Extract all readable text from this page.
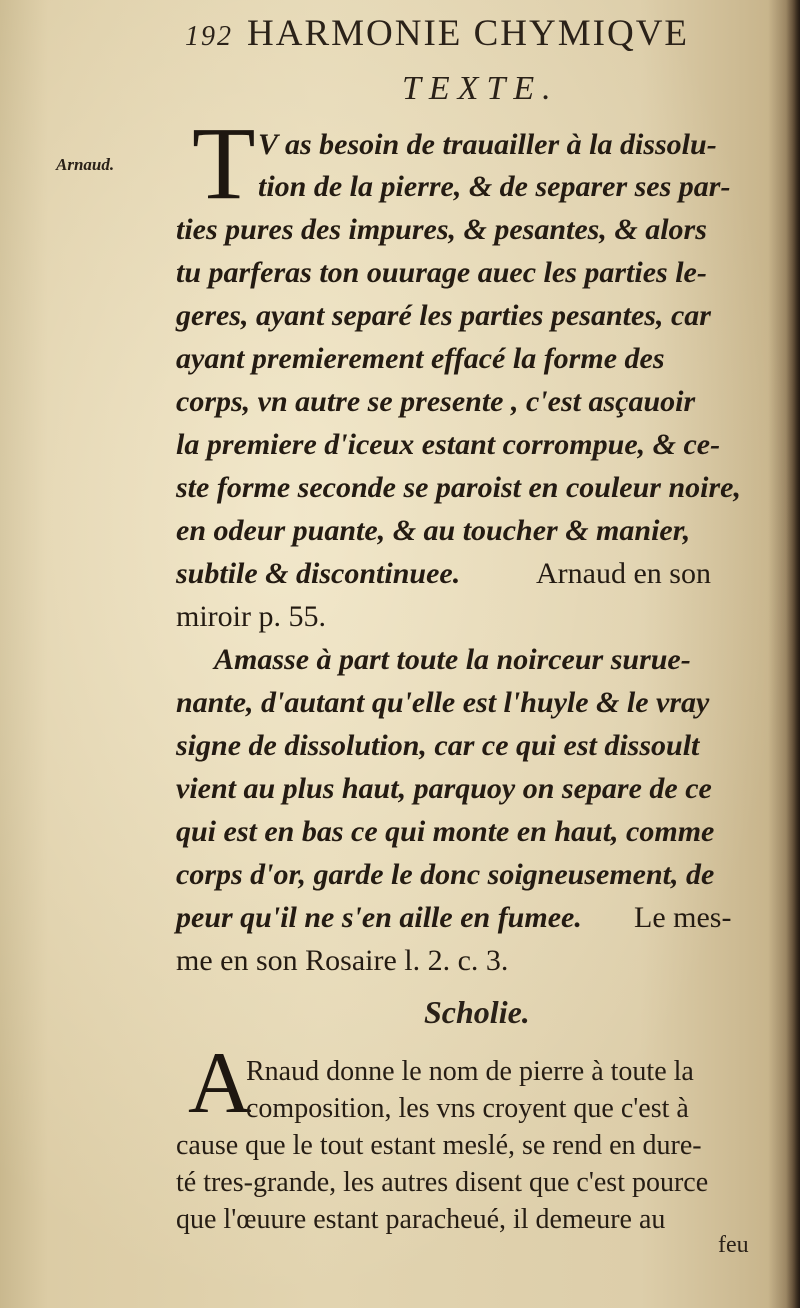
192 HARMONIE CHYMIQVE
TEXTE.
Arnaud. T V as besoin de trauailler à la dissolu-
tion de la pierre, & de separer ses par-
ties pures des impures, & pesantes, & alors
tu parferas ton ouurage auec les parties le-
geres, ayant separé les parties pesantes, car
ayant premierement effacé la forme des
corps, vn autre se presente , c'est asçauoir
la premiere d'iceux estant corrompue, & ce-
ste forme seconde se paroist en couleur noire,
en odeur puante, & au toucher & manier,
subtile & discontinuee.	Arnaud en son
miroir p. 55.
Amasse à part toute la noirceur surue-
nante, d'autant qu'elle est l'huyle & le vray
signe de dissolution, car ce qui est dissoult
vient au plus haut, parquoy on separe de ce
qui est en bas ce qui monte en haut, comme
corps d'or, garde le donc soigneusement, de
peur qu'il ne s'en aille en fumee. Le mes-
me en son Rosaire l. 2. c. 3.
Scholie.
A
Rnaud donne le nom de pierre à toute la
composition, les vns croyent que c'est à
cause que le tout estant meslé, se rend en dure-
té tres-grande, les autres disent que c'est pource
que l'œuure estant paracheué, il demeure au
feu
